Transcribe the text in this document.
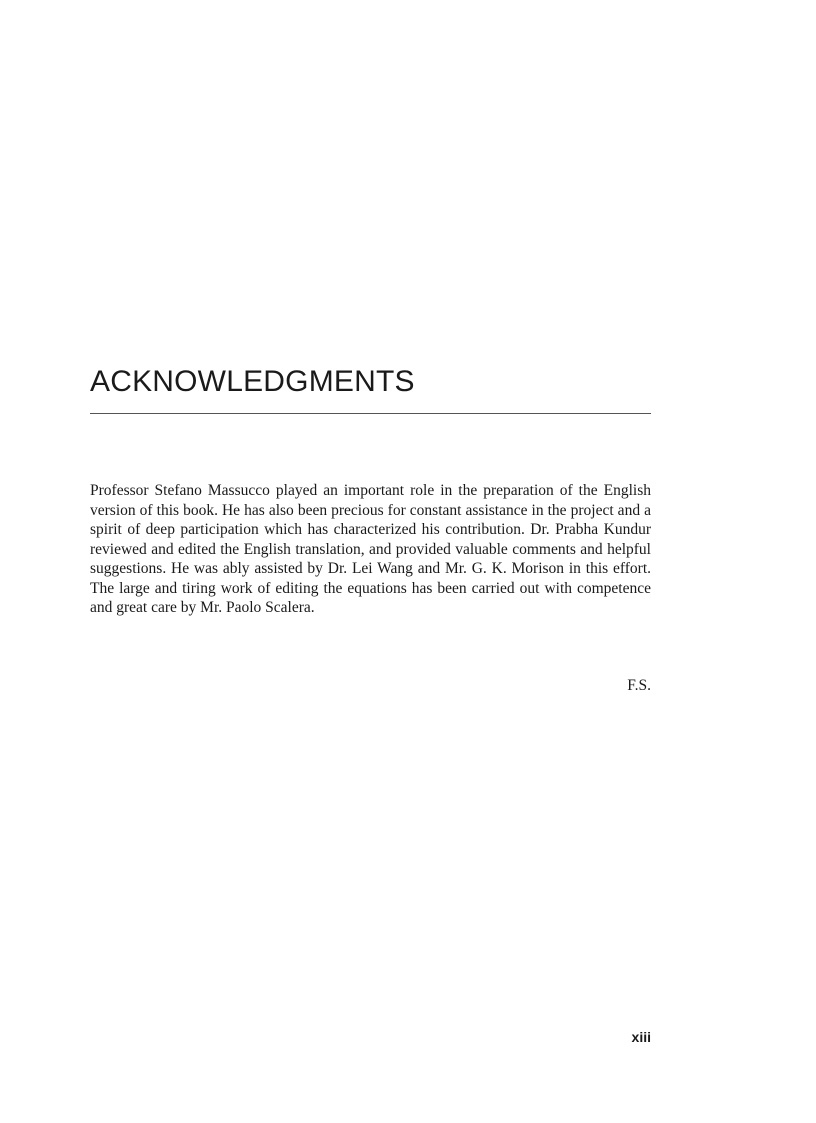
ACKNOWLEDGMENTS

Professor Stefano Massucco played an important role in the preparation of the English version of this book. He has also been precious for constant assistance in the project and a spirit of deep participation which has characterized his contribution. Dr. Prabha Kundur reviewed and edited the English translation, and provided valuable comments and helpful suggestions. He was ably assisted by Dr. Lei Wang and Mr. G. K. Morison in this effort. The large and tiring work of editing the equations has been carried out with competence and great care by Mr. Paolo Scalera.

F.S.

xiii
